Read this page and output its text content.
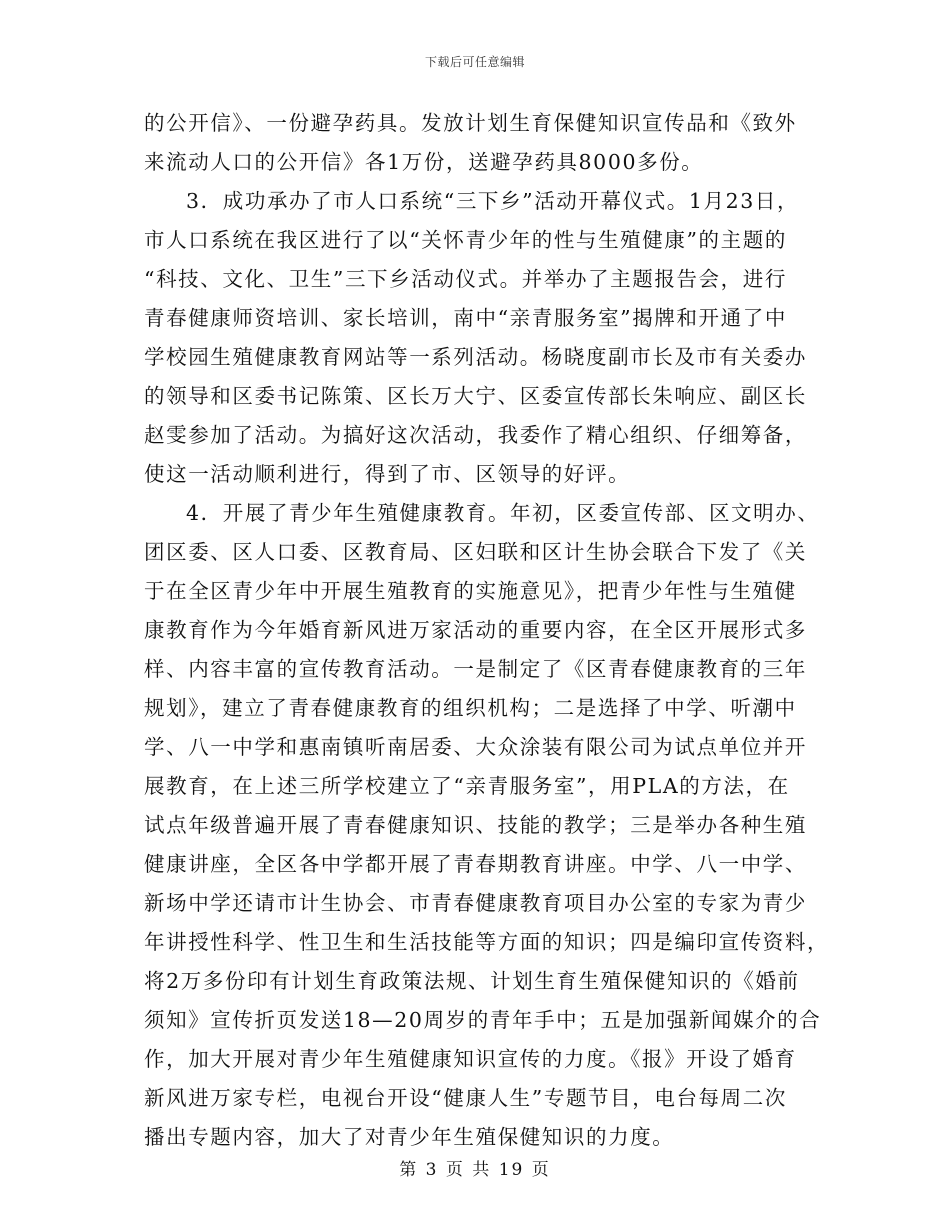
下载后可任意编辑
的公开信》、一份避孕药具。发放计划生育保健知识宣传品和《致外
来流动人口的公开信》各1万份，送避孕药具8000多份。
3．成功承办了市人口系统“三下乡”活动开幕仪式。1月23日，
市人口系统在我区进行了以“关怀青少年的性与生殖健康”的主题的
“科技、文化、卫生”三下乡活动仪式。并举办了主题报告会，进行
青春健康师资培训、家长培训，南中“亲青服务室”揭牌和开通了中
学校园生殖健康教育网站等一系列活动。杨晓度副市长及市有关委办
的领导和区委书记陈策、区长万大宁、区委宣传部长朱响应、副区长
赵雯参加了活动。为搞好这次活动，我委作了精心组织、仔细筹备，
使这一活动顺利进行，得到了市、区领导的好评。
4．开展了青少年生殖健康教育。年初，区委宣传部、区文明办、
团区委、区人口委、区教育局、区妇联和区计生协会联合下发了《关
于在全区青少年中开展生殖教育的实施意见》，把青少年性与生殖健
康教育作为今年婚育新风进万家活动的重要内容，在全区开展形式多
样、内容丰富的宣传教育活动。一是制定了《区青春健康教育的三年
规划》，建立了青春健康教育的组织机构；二是选择了中学、听潮中
学、八一中学和惠南镇听南居委、大众涂装有限公司为试点单位并开
展教育，在上述三所学校建立了“亲青服务室”，用PLA的方法，在
试点年级普遍开展了青春健康知识、技能的教学；三是举办各种生殖
健康讲座，全区各中学都开展了青春期教育讲座。中学、八一中学、
新场中学还请市计生协会、市青春健康教育项目办公室的专家为青少
年讲授性科学、性卫生和生活技能等方面的知识；四是编印宣传资料，
将2万多份印有计划生育政策法规、计划生育生殖保健知识的《婚前
须知》宣传折页发送18—20周岁的青年手中；五是加强新闻媒介的合
作，加大开展对青少年生殖健康知识宣传的力度。《报》开设了婚育
新风进万家专栏，电视台开设“健康人生”专题节目，电台每周二次
播出专题内容，加大了对青少年生殖保健知识的力度。
第 3 页 共 19 页
